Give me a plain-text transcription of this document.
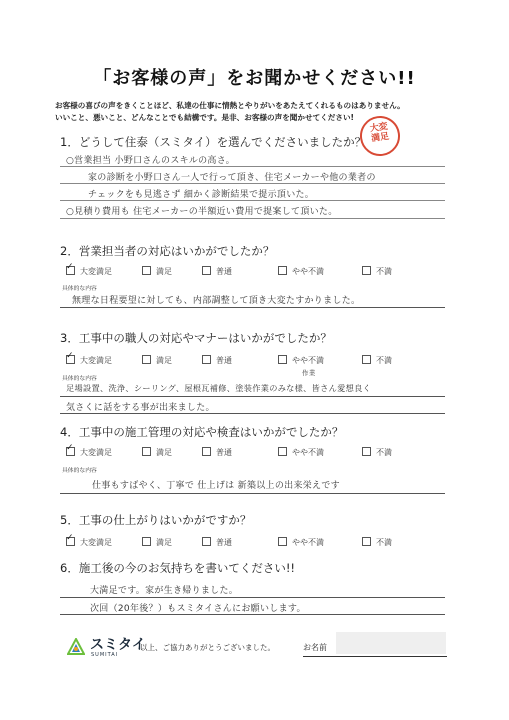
「お客様の声」をお聞かせください!!
お客様の喜びの声をきくことほど、私達の仕事に情熱とやりがいをあたえてくれるものはありません。
いいこと、悪いこと、どんなことでも結構です。是非、お客様の声を聞かせてください!
大変満足
1．どうして住泰（スミタイ）を選んでくださいましたか？
○営業担当 小野口さんのスキルの高さ。
家の診断を小野口さん一人で行って頂き、住宅メーカーや他の業者の
チェックをも見逃さず 細かく診断結果で提示頂いた。
○見積り費用も 住宅メーカーの半額近い費用で提案して頂いた。
2．営業担当者の対応はいかがでしたか？
✓大変満足	満足	普通	やや不満	不満
具体的な内容
無理な日程要望に対しても、内部調整して頂き大変たすかりました。
3．工事中の職人の対応やマナーはいかがでしたか？
✓大変満足	満足	普通	やや不満	不満
具体的な内容
作業
足場設置、洗浄、シーリング、屋根瓦補修、塗装作業のみな様、皆さん愛想良く
気さくに話をする事が出来ました。
4．工事中の施工管理の対応や検査はいかがでしたか？
✓大変満足	満足	普通	やや不満	不満
具体的な内容
仕事もすばやく、丁寧で 仕上げは 新築以上の出来栄えです
5．工事の仕上がりはいかがですか？
✓大変満足	満足	普通	やや不満	不満
6．施工後の今のお気持ちを書いてください!!
大満足です。家が生き帰りました。
次回（20年後？）もスミタイさんにお願いします。
スミタイ
SUMITAI
以上、ご協力ありがとうございました。	お名前
